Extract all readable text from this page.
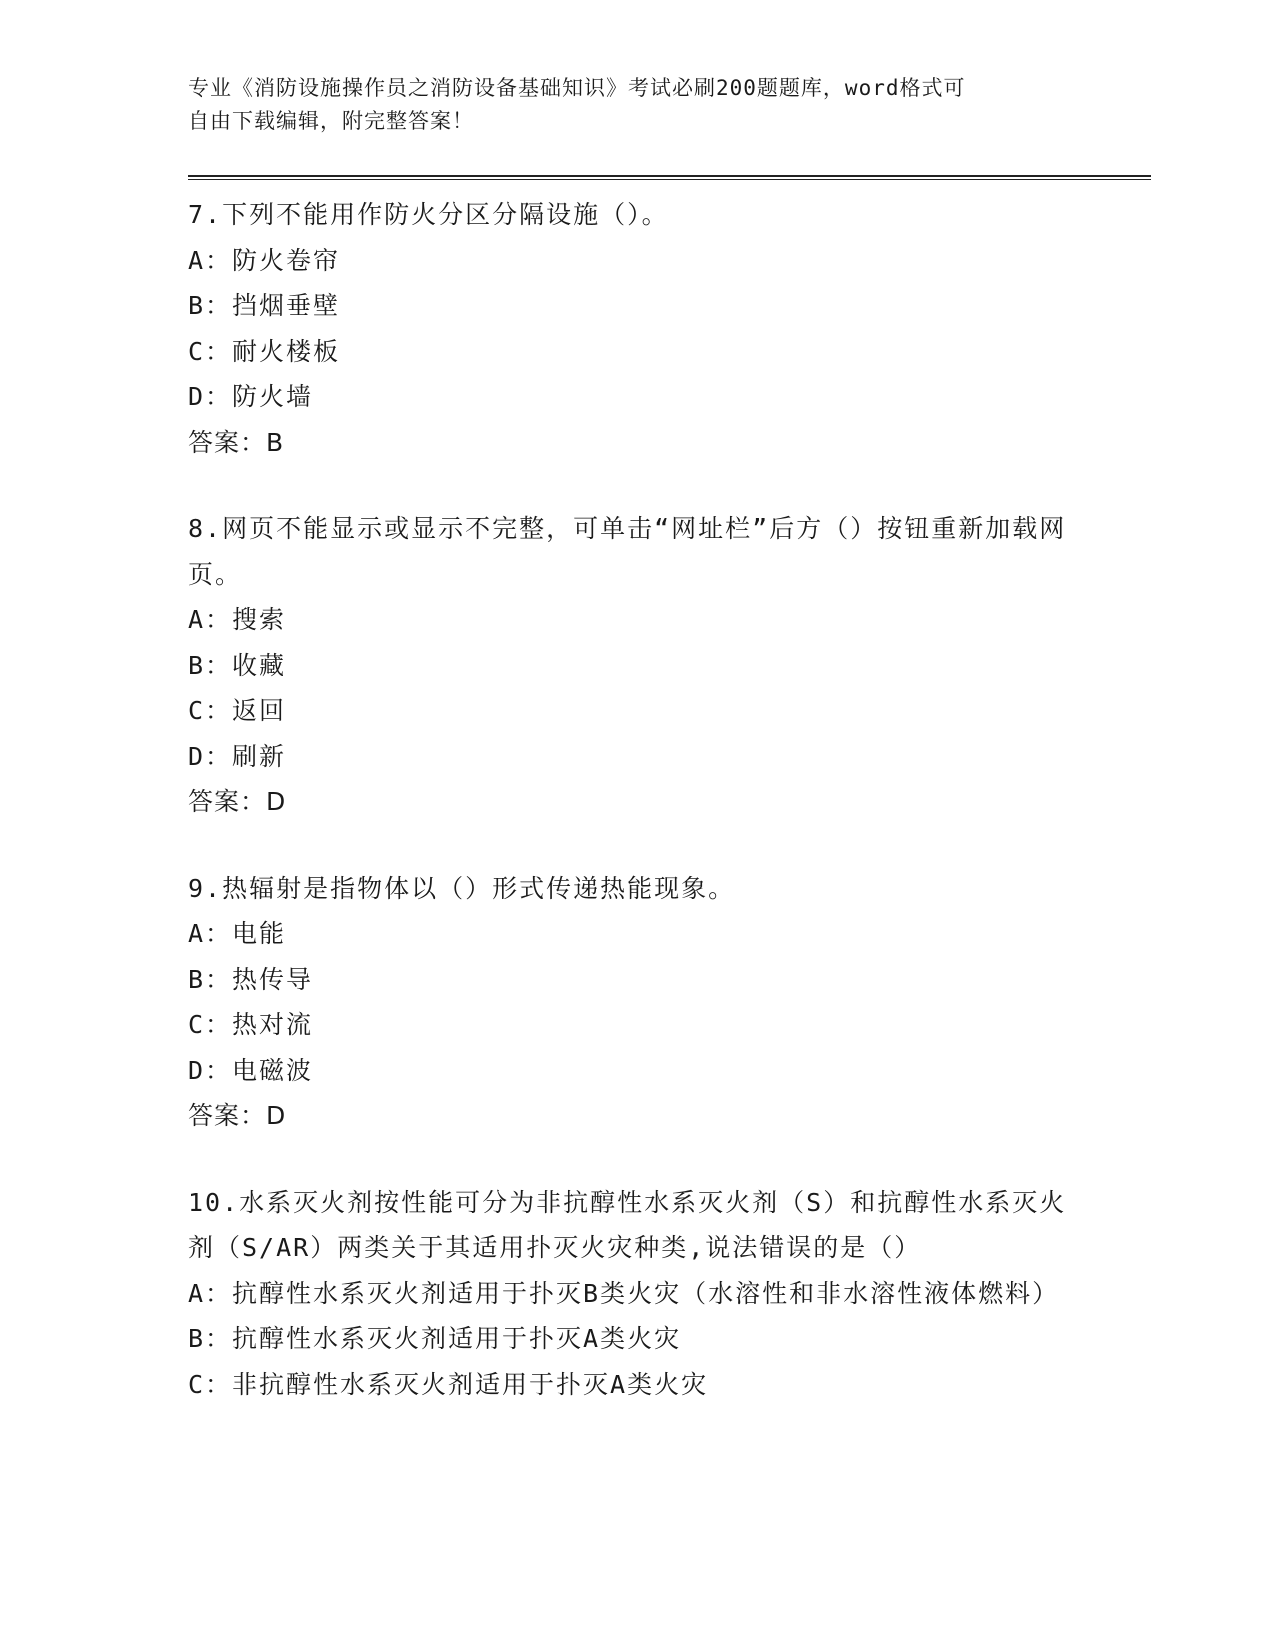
专业《消防设施操作员之消防设备基础知识》考试必刷200题题库，word格式可
自由下载编辑，附完整答案！

7.下列不能用作防火分区分隔设施（）。

A：防火卷帘

B：挡烟垂壁

C：耐火楼板

D：防火墙

答案：B

8.网页不能显示或显示不完整，可单击“网址栏”后方（）按钮重新加载网页。

A：搜索

B：收藏

C：返回

D：刷新

答案：D

9.热辐射是指物体以（）形式传递热能现象。

A：电能

B：热传导

C：热对流

D：电磁波

答案：D

10.水系灭火剂按性能可分为非抗醇性水系灭火剂（S）和抗醇性水系灭火剂（S/AR）两类关于其适用扑灭火灾种类,说法错误的是（）

A：抗醇性水系灭火剂适用于扑灭B类火灾（水溶性和非水溶性液体燃料）

B：抗醇性水系灭火剂适用于扑灭A类火灾

C：非抗醇性水系灭火剂适用于扑灭A类火灾
